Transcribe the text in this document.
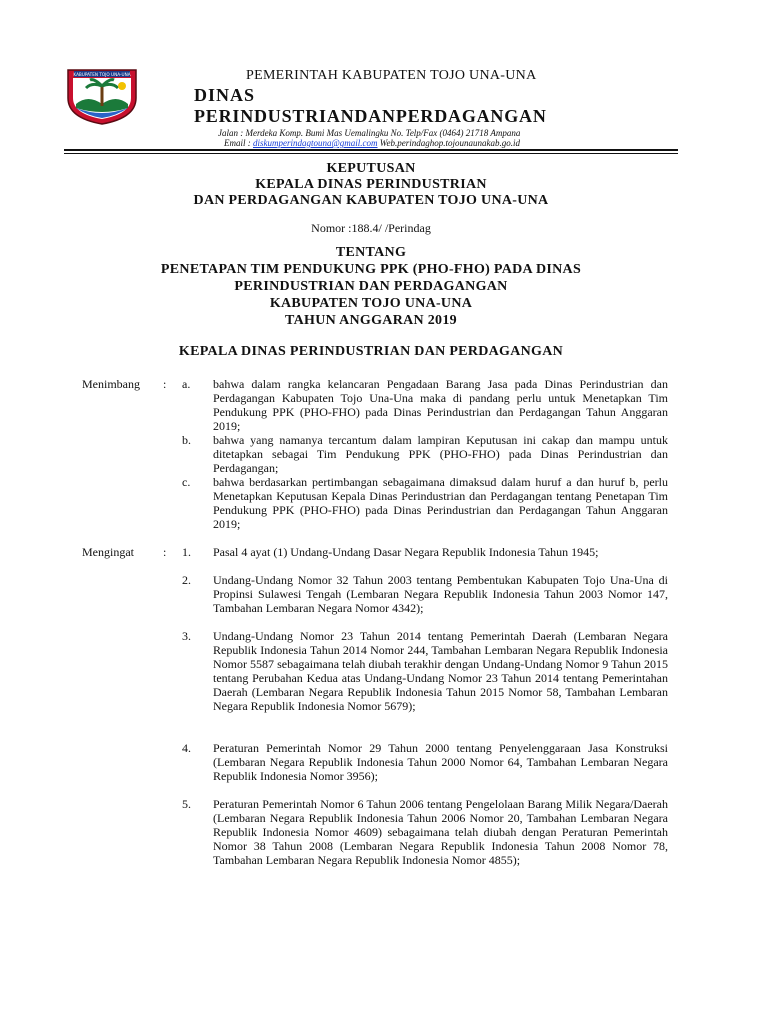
KABUPATEN TOJO UNA-UNA	PEMERINTAH KABUPATEN TOJO UNA-UNA
DINAS
PERINDUSTRIANDANPERDAGANGAN
Jalan : Merdeka Komp. Bumi Mas Uemalingku No. Telp/Fax (0464) 21718 Ampana
Email : diskumperindagtouna@gmail.com Web.perindaghop.tojounaunakab.go.id
KEPUTUSAN
KEPALA DINAS PERINDUSTRIAN
DAN PERDAGANGAN KABUPATEN TOJO UNA-UNA
Nomor :188.4/ /Perindag
TENTANG
PENETAPAN TIM PENDUKUNG PPK (PHO-FHO) PADA DINAS
PERINDUSTRIAN DAN PERDAGANGAN
KABUPATEN TOJO UNA-UNA
TAHUN ANGGARAN 2019
KEPALA DINAS PERINDUSTRIAN DAN PERDAGANGAN
Menimbang : a. bahwa dalam rangka kelancaran Pengadaan Barang Jasa pada Dinas Perindustrian dan Perdagangan Kabupaten Tojo Una-Una maka di pandang perlu untuk Menetapkan Tim Pendukung PPK (PHO-FHO) pada Dinas Perindustrian dan Perdagangan Tahun Anggaran 2019;
b. bahwa yang namanya tercantum dalam lampiran Keputusan ini cakap dan mampu untuk ditetapkan sebagai Tim Pendukung PPK (PHO-FHO) pada Dinas Perindustrian dan Perdagangan;
c. bahwa berdasarkan pertimbangan sebagaimana dimaksud dalam huruf a dan huruf b, perlu Menetapkan Keputusan Kepala Dinas Perindustrian dan Perdagangan tentang Penetapan Tim Pendukung PPK (PHO-FHO) pada Dinas Perindustrian dan Perdagangan Tahun Anggaran 2019;
Mengingat : 1. Pasal 4 ayat (1) Undang-Undang Dasar Negara Republik Indonesia Tahun 1945;
2. Undang-Undang Nomor 32 Tahun 2003 tentang Pembentukan Kabupaten Tojo Una-Una di Propinsi Sulawesi Tengah (Lembaran Negara Republik Indonesia Tahun 2003 Nomor 147, Tambahan Lembaran Negara Nomor 4342);
3. Undang-Undang Nomor 23 Tahun 2014 tentang Pemerintah Daerah (Lembaran Negara Republik Indonesia Tahun 2014 Nomor 244, Tambahan Lembaran Negara Republik Indonesia Nomor 5587 sebagaimana telah diubah terakhir dengan Undang-Undang Nomor 9 Tahun 2015 tentang Perubahan Kedua atas Undang-Undang Nomor 23 Tahun 2014 tentang Pemerintahan Daerah (Lembaran Negara Republik Indonesia Tahun 2015 Nomor 58, Tambahan Lembaran Negara Republik Indonesia Nomor 5679);
4. Peraturan Pemerintah Nomor 29 Tahun 2000 tentang Penyelenggaraan Jasa Konstruksi (Lembaran Negara Republik Indonesia Tahun 2000 Nomor 64, Tambahan Lembaran Negara Republik Indonesia Nomor 3956);
5. Peraturan Pemerintah Nomor 6 Tahun 2006 tentang Pengelolaan Barang Milik Negara/Daerah (Lembaran Negara Republik Indonesia Tahun 2006 Nomor 20, Tambahan Lembaran Negara Republik Indonesia Nomor 4609) sebagaimana telah diubah dengan Peraturan Pemerintah Nomor 38 Tahun 2008 (Lembaran Negara Republik Indonesia Tahun 2008 Nomor 78, Tambahan Lembaran Negara Republik Indonesia Nomor 4855);
